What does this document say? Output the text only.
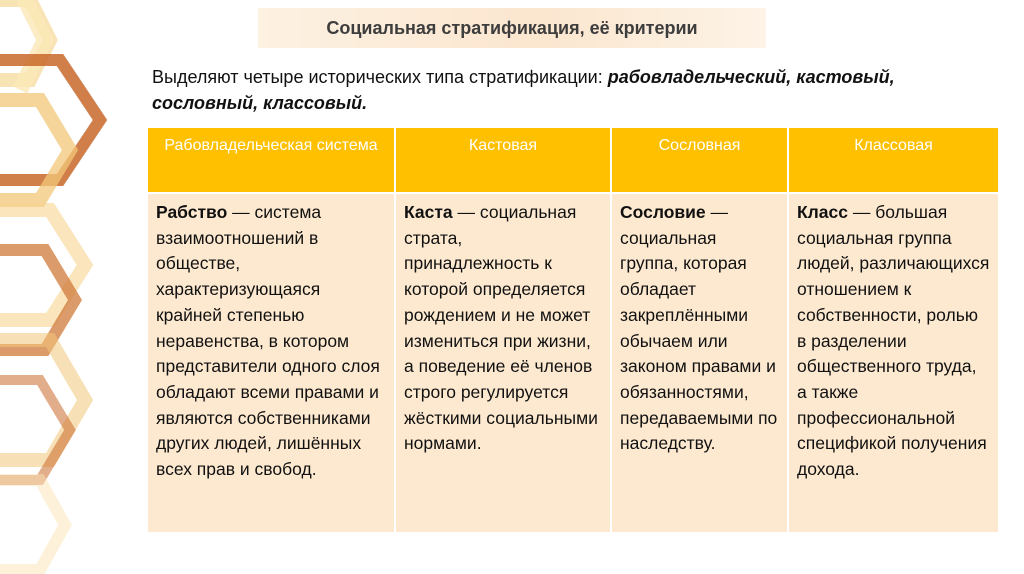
Социальная стратификация, её критерии
Выделяют четыре исторических типа стратификации: рабовладельческий, кастовый, сословный, классовый.
Рабовладельческая система	Кастовая	Сословная	Классовая
Рабство — система взаимоотношений в обществе, характеризующаяся крайней степенью неравенства, в котором представители одного слоя обладают всеми правами и являются собственниками других людей, лишённых всех прав и свобод.	Каста — социальная страта, принадлежность к которой определяется рождением и не может измениться при жизни, а поведение её членов строго регулируется жёсткими социальными нормами.	Сословие — социальная группа, которая обладает закреплёнными обычаем или законом правами и обязанностями, передаваемыми по наследству.	Класс — большая социальная группа людей, различающихся отношением к собственности, ролью в разделении общественного труда, а также профессиональной спецификой получения дохода.
